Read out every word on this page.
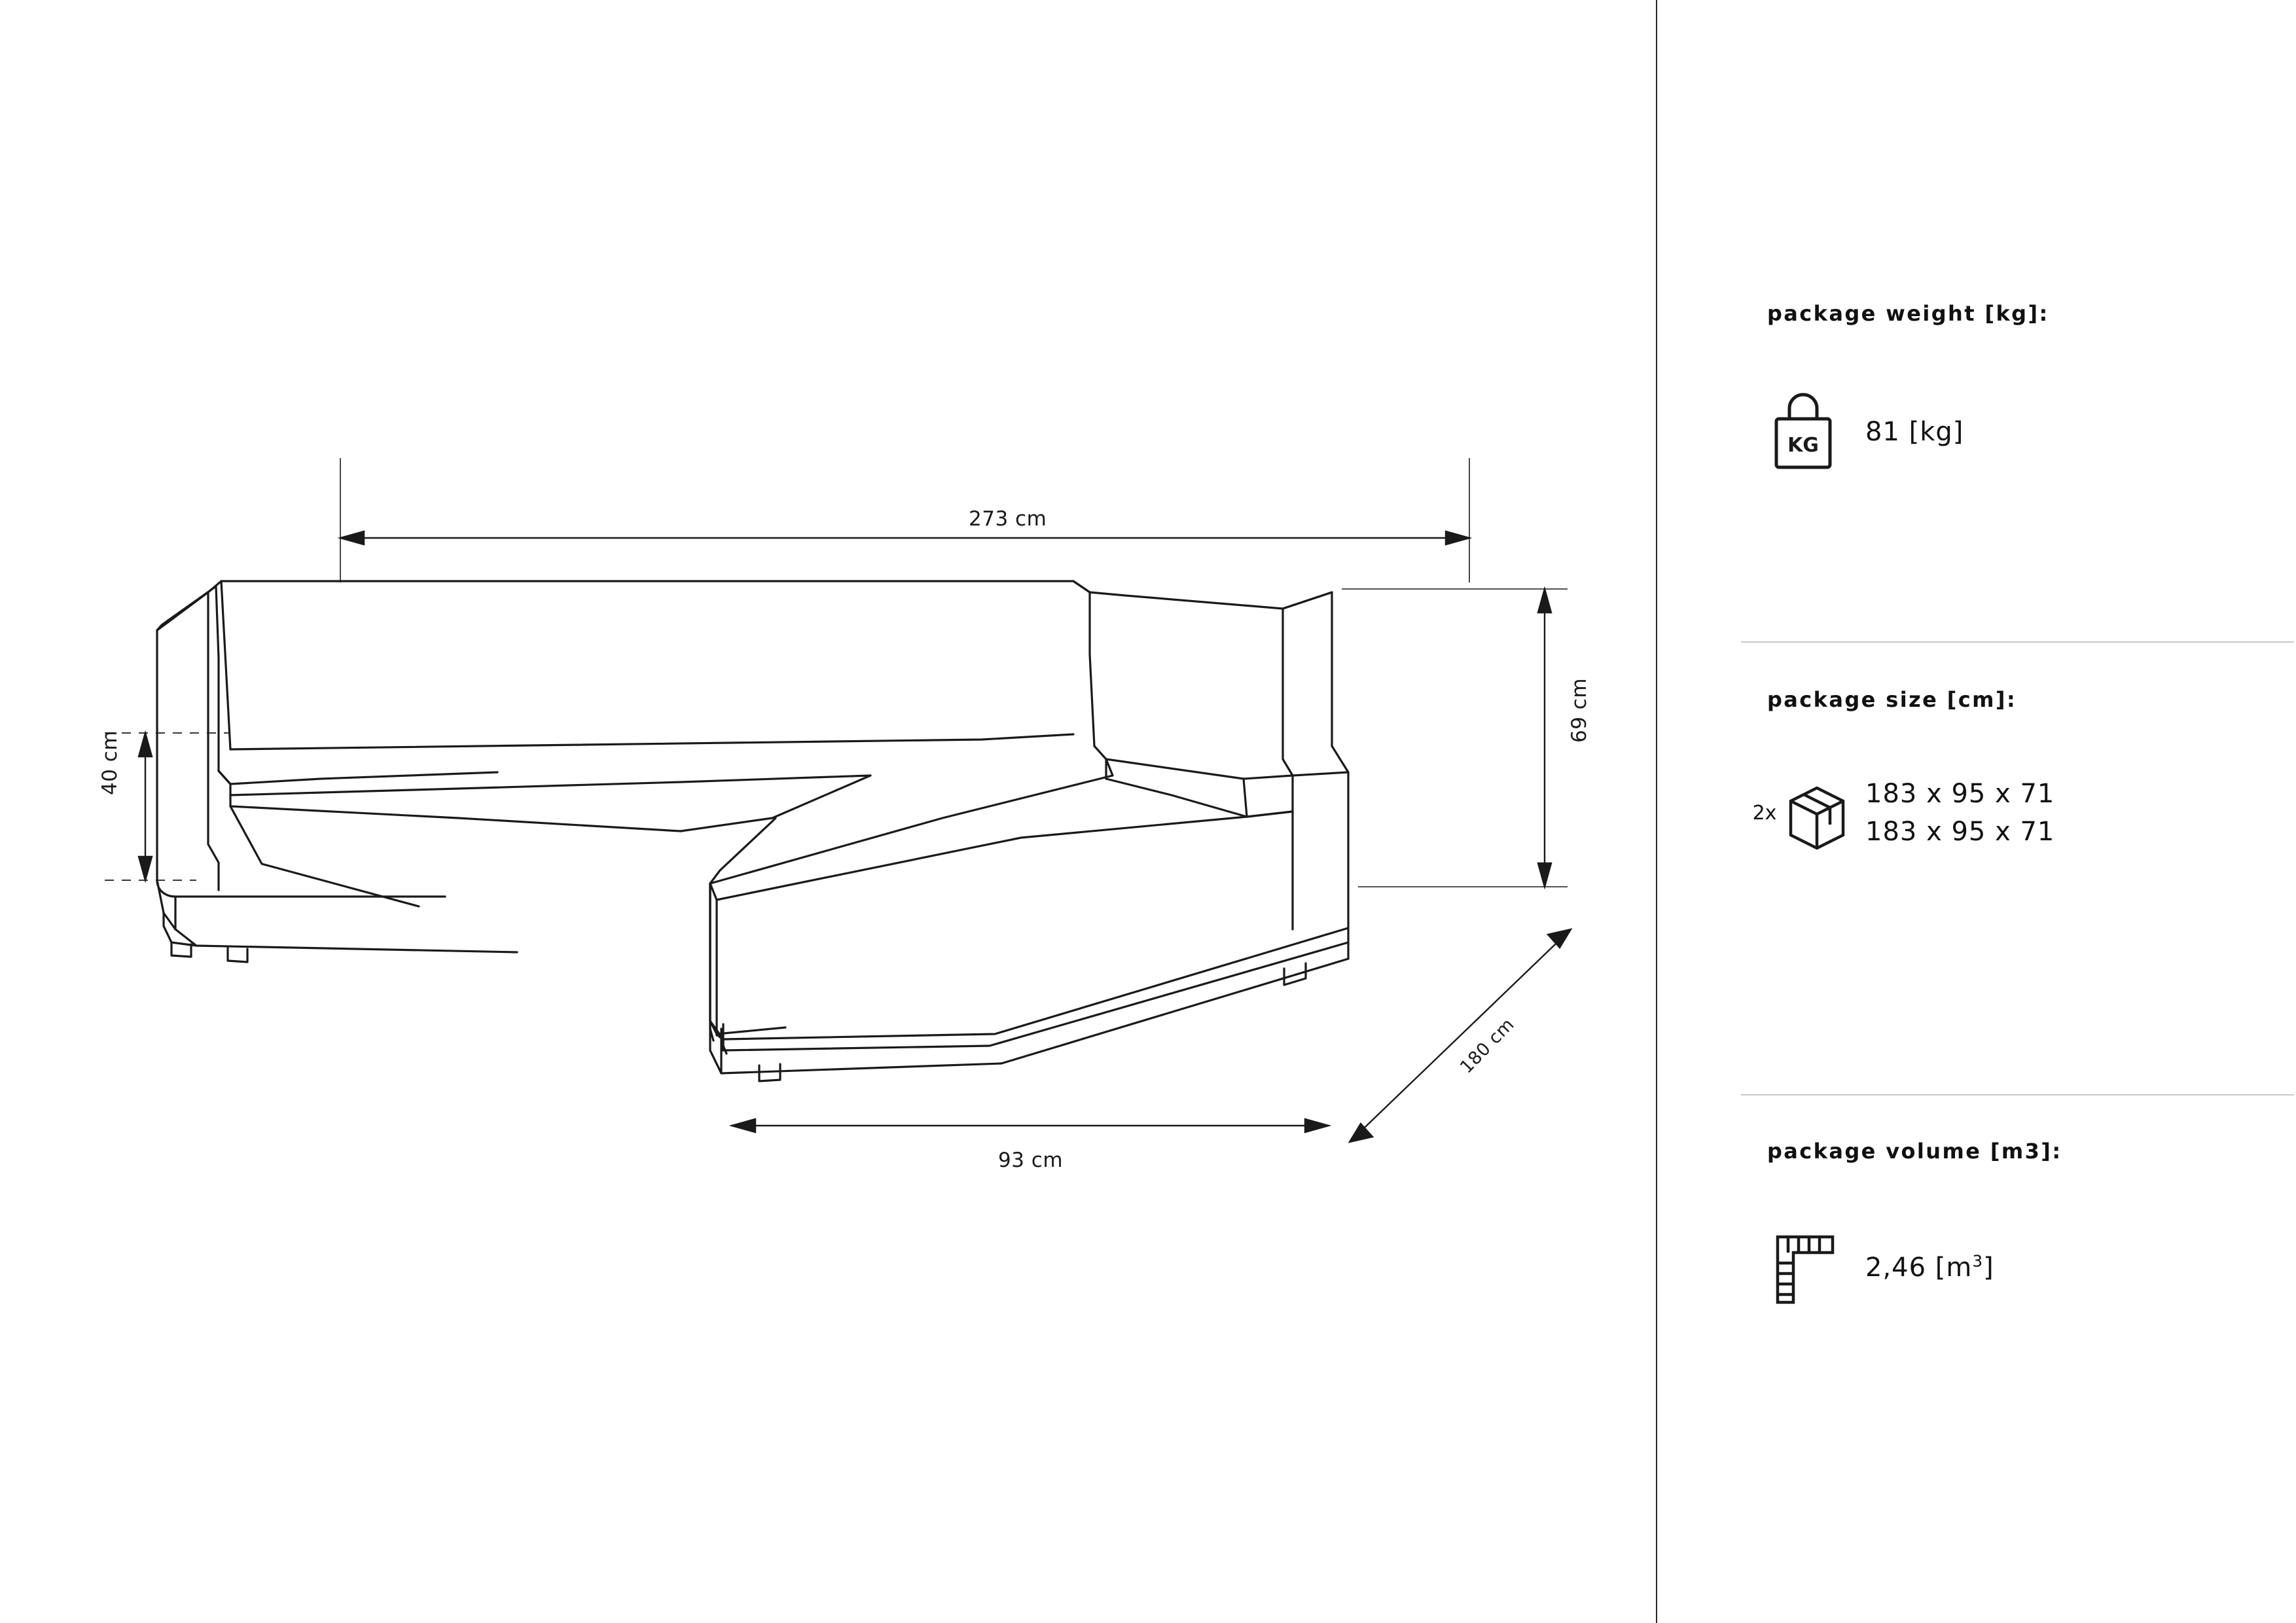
273 cm
40 cm
69 cm
180 cm
93 cm
package weight [kg]:
KG 81 [kg]
package size [cm]:
2x
183 x 95 x 71
183 x 95 x 71
package volume [m3]:
2,46 $[m^3]$
